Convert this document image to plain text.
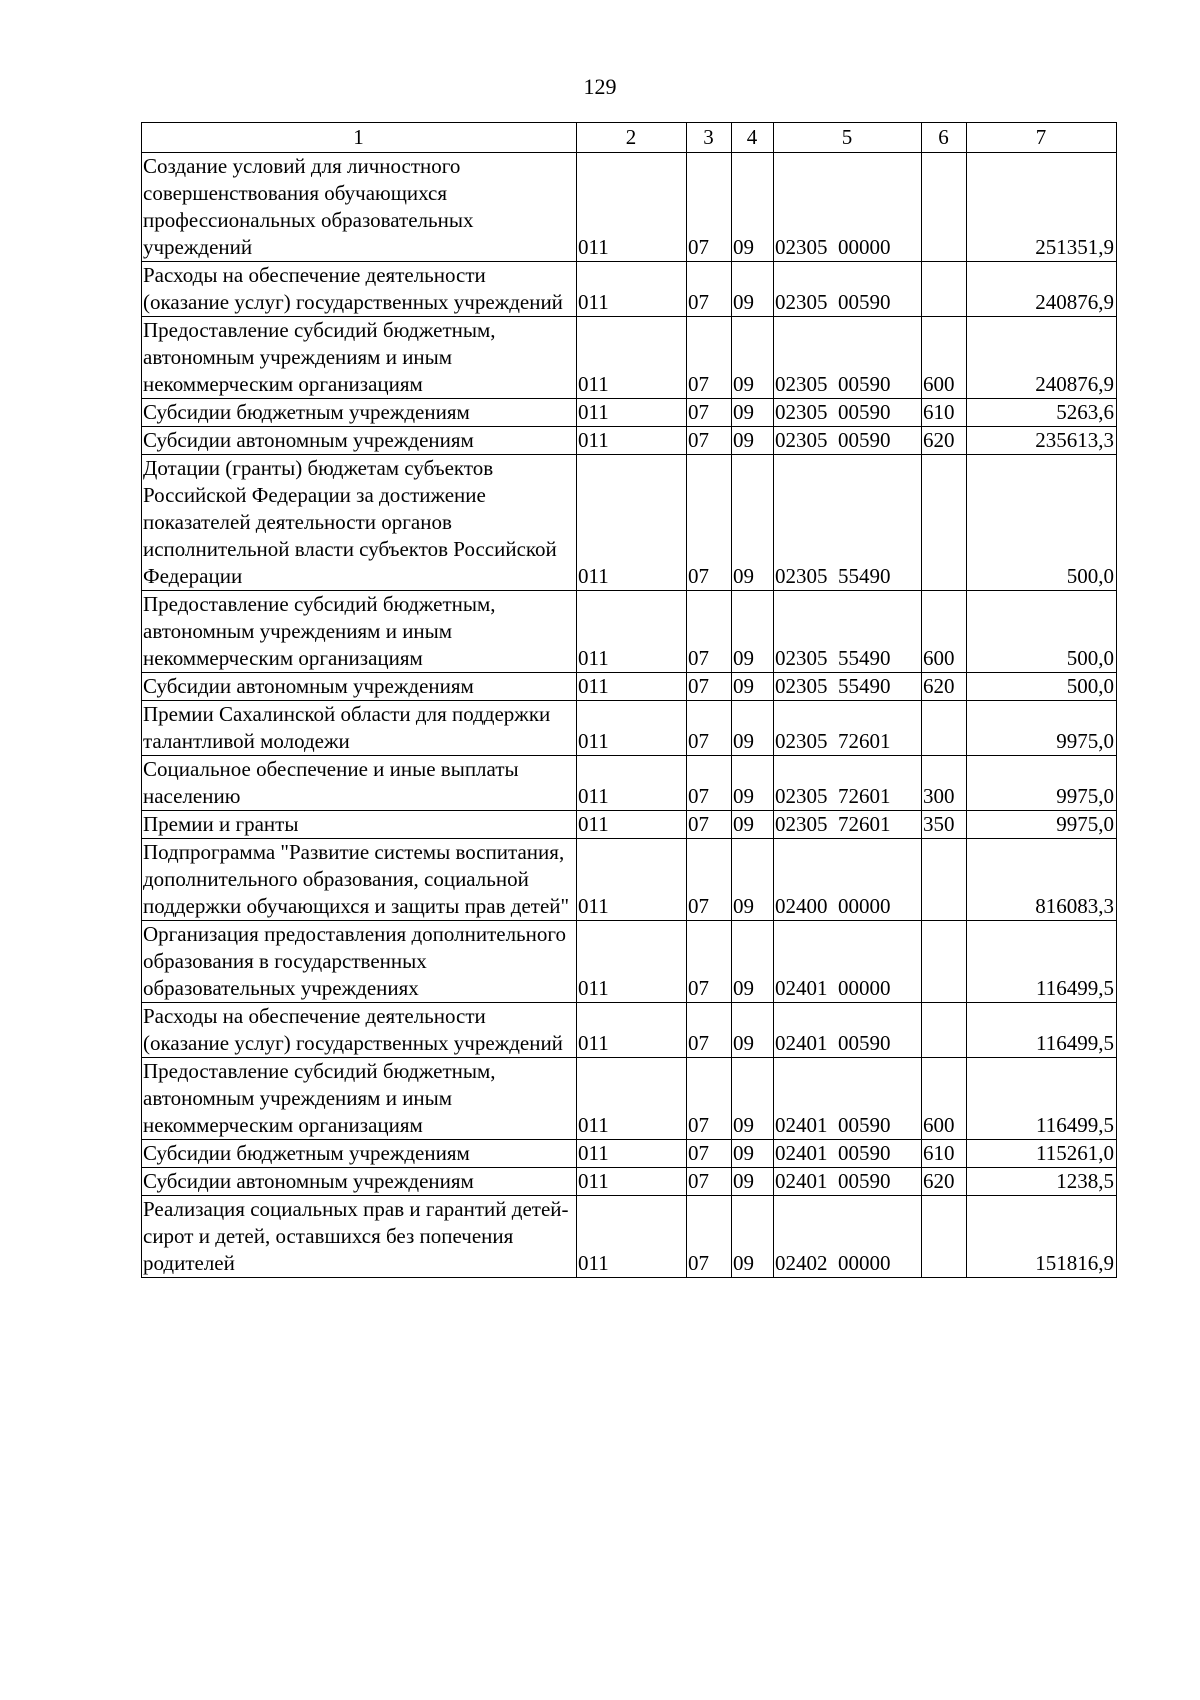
129
1	2	3	4	5	6	7
Создание условий для личностного совершенствования обучающихся профессиональных образовательных учреждений	011	07	09	02305  00000		251351,9
Расходы на обеспечение деятельности (оказание услуг) государственных учреждений	011	07	09	02305  00590		240876,9
Предоставление субсидий бюджетным, автономным учреждениям и иным некоммерческим организациям	011	07	09	02305  00590	600	240876,9
Субсидии бюджетным учреждениям	011	07	09	02305  00590	610	5263,6
Субсидии автономным учреждениям	011	07	09	02305  00590	620	235613,3
Дотации (гранты) бюджетам субъектов Российской Федерации за достижение показателей деятельности органов исполнительной власти субъектов Российской Федерации	011	07	09	02305  55490		500,0
Предоставление субсидий бюджетным, автономным учреждениям и иным некоммерческим организациям	011	07	09	02305  55490	600	500,0
Субсидии автономным учреждениям	011	07	09	02305  55490	620	500,0
Премии Сахалинской области для поддержки талантливой молодежи	011	07	09	02305  72601		9975,0
Социальное обеспечение и иные выплаты населению	011	07	09	02305  72601	300	9975,0
Премии и гранты	011	07	09	02305  72601	350	9975,0
Подпрограмма "Развитие системы воспитания, дополнительного образования, социальной поддержки обучающихся и защиты прав детей"	011	07	09	02400  00000		816083,3
Организация предоставления дополнительного образования в государственных образовательных учреждениях	011	07	09	02401  00000		116499,5
Расходы на обеспечение деятельности (оказание услуг) государственных учреждений	011	07	09	02401  00590		116499,5
Предоставление субсидий бюджетным, автономным учреждениям и иным некоммерческим организациям	011	07	09	02401  00590	600	116499,5
Субсидии бюджетным учреждениям	011	07	09	02401  00590	610	115261,0
Субсидии автономным учреждениям	011	07	09	02401  00590	620	1238,5
Реализация социальных прав и гарантий детей-сирот и детей, оставшихся без попечения родителей	011	07	09	02402  00000		151816,9
